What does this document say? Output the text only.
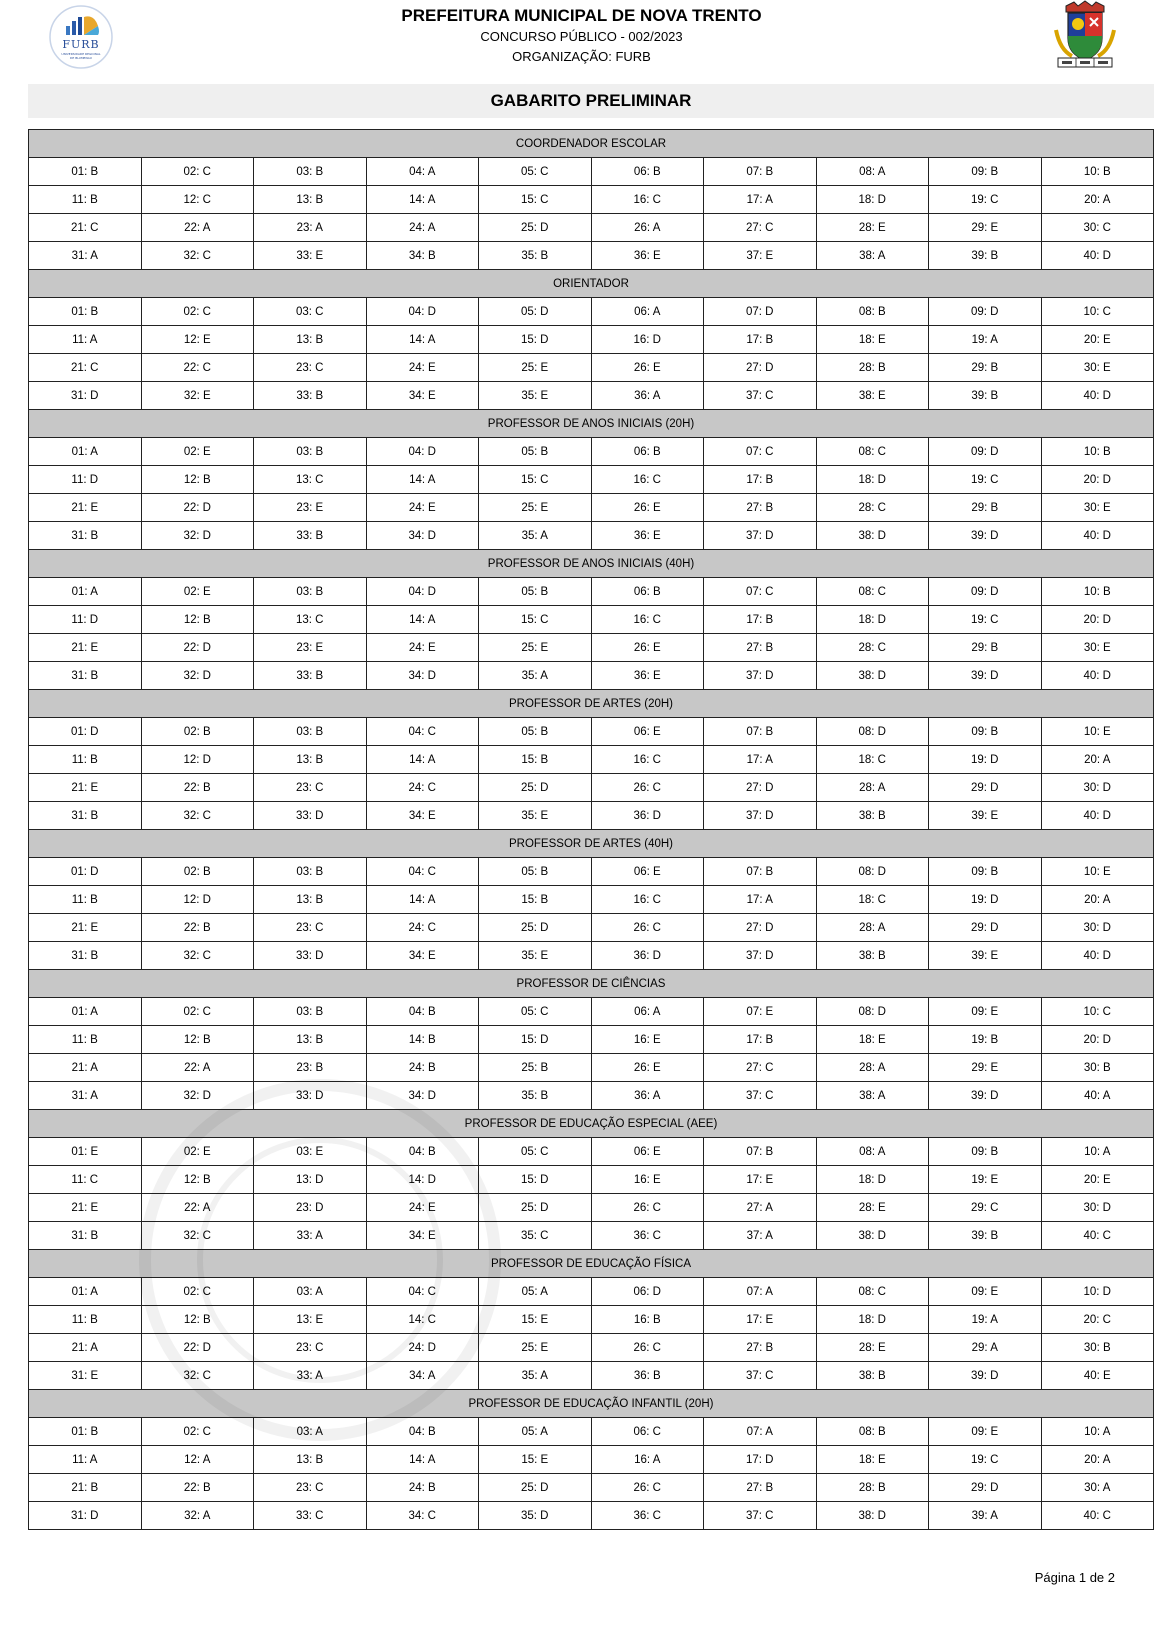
FURB
UNIVERSIDADE REGIONAL
DE BLUMENAU
PREFEITURA MUNICIPAL DE NOVA TRENTO
CONCURSO PÚBLICO - 002/2023
ORGANIZAÇÃO: FURB
GABARITO PRELIMINAR
COORDENADOR ESCOLAR									
01: B	02: C	03: B	04: A	05: C	06: B	07: B	08: A	09: B	10: B
11: B	12: C	13: B	14: A	15: C	16: C	17: A	18: D	19: C	20: A
21: C	22: A	23: A	24: A	25: D	26: A	27: C	28: E	29: E	30: C
31: A	32: C	33: E	34: B	35: B	36: E	37: E	38: A	39: B	40: D
ORIENTADOR									
01: B	02: C	03: C	04: D	05: D	06: A	07: D	08: B	09: D	10: C
11: A	12: E	13: B	14: A	15: D	16: D	17: B	18: E	19: A	20: E
21: C	22: C	23: C	24: E	25: E	26: E	27: D	28: B	29: B	30: E
31: D	32: E	33: B	34: E	35: E	36: A	37: C	38: E	39: B	40: D
PROFESSOR DE ANOS INICIAIS (20H)									
01: A	02: E	03: B	04: D	05: B	06: B	07: C	08: C	09: D	10: B
11: D	12: B	13: C	14: A	15: C	16: C	17: B	18: D	19: C	20: D
21: E	22: D	23: E	24: E	25: E	26: E	27: B	28: C	29: B	30: E
31: B	32: D	33: B	34: D	35: A	36: E	37: D	38: D	39: D	40: D
PROFESSOR DE ANOS INICIAIS (40H)									
01: A	02: E	03: B	04: D	05: B	06: B	07: C	08: C	09: D	10: B
11: D	12: B	13: C	14: A	15: C	16: C	17: B	18: D	19: C	20: D
21: E	22: D	23: E	24: E	25: E	26: E	27: B	28: C	29: B	30: E
31: B	32: D	33: B	34: D	35: A	36: E	37: D	38: D	39: D	40: D
PROFESSOR DE ARTES (20H)									
01: D	02: B	03: B	04: C	05: B	06: E	07: B	08: D	09: B	10: E
11: B	12: D	13: B	14: A	15: B	16: C	17: A	18: C	19: D	20: A
21: E	22: B	23: C	24: C	25: D	26: C	27: D	28: A	29: D	30: D
31: B	32: C	33: D	34: E	35: E	36: D	37: D	38: B	39: E	40: D
PROFESSOR DE ARTES (40H)									
01: D	02: B	03: B	04: C	05: B	06: E	07: B	08: D	09: B	10: E
11: B	12: D	13: B	14: A	15: B	16: C	17: A	18: C	19: D	20: A
21: E	22: B	23: C	24: C	25: D	26: C	27: D	28: A	29: D	30: D
31: B	32: C	33: D	34: E	35: E	36: D	37: D	38: B	39: E	40: D
PROFESSOR DE CIÊNCIAS									
01: A	02: C	03: B	04: B	05: C	06: A	07: E	08: D	09: E	10: C
11: B	12: B	13: B	14: B	15: D	16: E	17: B	18: E	19: B	20: D
21: A	22: A	23: B	24: B	25: B	26: E	27: C	28: A	29: E	30: B
31: A	32: D	33: D	34: D	35: B	36: A	37: C	38: A	39: D	40: A
PROFESSOR DE EDUCAÇÃO ESPECIAL (AEE)									
01: E	02: E	03: E	04: B	05: C	06: E	07: B	08: A	09: B	10: A
11: C	12: B	13: D	14: D	15: D	16: E	17: E	18: D	19: E	20: E
21: E	22: A	23: D	24: E	25: D	26: C	27: A	28: E	29: C	30: D
31: B	32: C	33: A	34: E	35: C	36: C	37: A	38: D	39: B	40: C
PROFESSOR DE EDUCAÇÃO FÍSICA									
01: A	02: C	03: A	04: C	05: A	06: D	07: A	08: C	09: E	10: D
11: B	12: B	13: E	14: C	15: E	16: B	17: E	18: D	19: A	20: C
21: A	22: D	23: C	24: D	25: E	26: C	27: B	28: E	29: A	30: B
31: E	32: C	33: A	34: A	35: A	36: B	37: C	38: B	39: D	40: E
PROFESSOR DE EDUCAÇÃO INFANTIL (20H)									
01: B	02: C	03: A	04: B	05: A	06: C	07: A	08: B	09: E	10: A
11: A	12: A	13: B	14: A	15: E	16: A	17: D	18: E	19: C	20: A
21: B	22: B	23: C	24: B	25: D	26: C	27: B	28: B	29: D	30: A
31: D	32: A	33: C	34: C	35: D	36: C	37: C	38: D	39: A	40: C
Página 1 de 2
